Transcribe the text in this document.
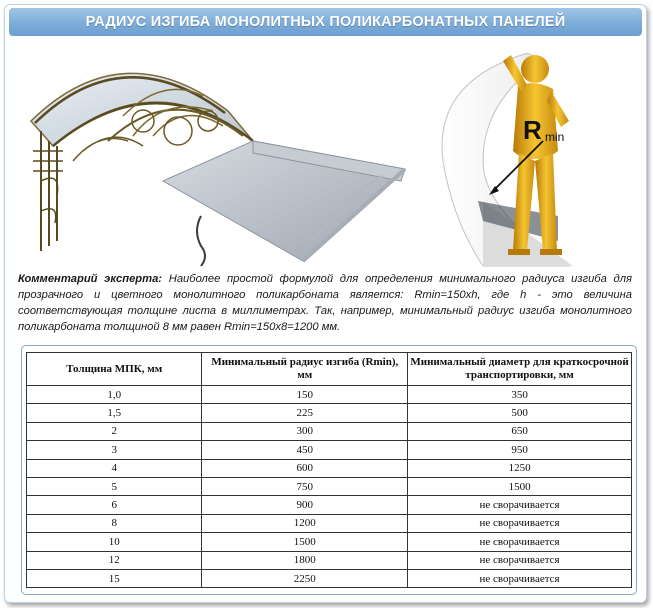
РАДИУС ИЗГИБА МОНОЛИТНЫХ ПОЛИКАРБОНАТНЫХ ПАНЕЛЕЙ
R min
Комментарий эксперта: Наиболее простой формулой для определения минимального радиуса изгиба для прозрачного и цветного монолитного поликарбоната является: Rmin=150xh, где h - это величина соответствующая толщине листа в миллиметрах. Так, например, минимальный радиус изгиба монолитного поликарбоната толщиной 8 мм равен Rmin=150x8=1200 мм.
Толщина МПК, мм	Минимальный радиус изгиба (Rmin), мм	Минимальный диаметр для краткосрочной транспортировки, мм
1,0	150	350
1,5	225	500
2	300	650
3	450	950
4	600	1250
5	750	1500
6	900	не сворачивается
8	1200	не сворачивается
10	1500	не сворачивается
12	1800	не сворачивается
15	2250	не сворачивается
